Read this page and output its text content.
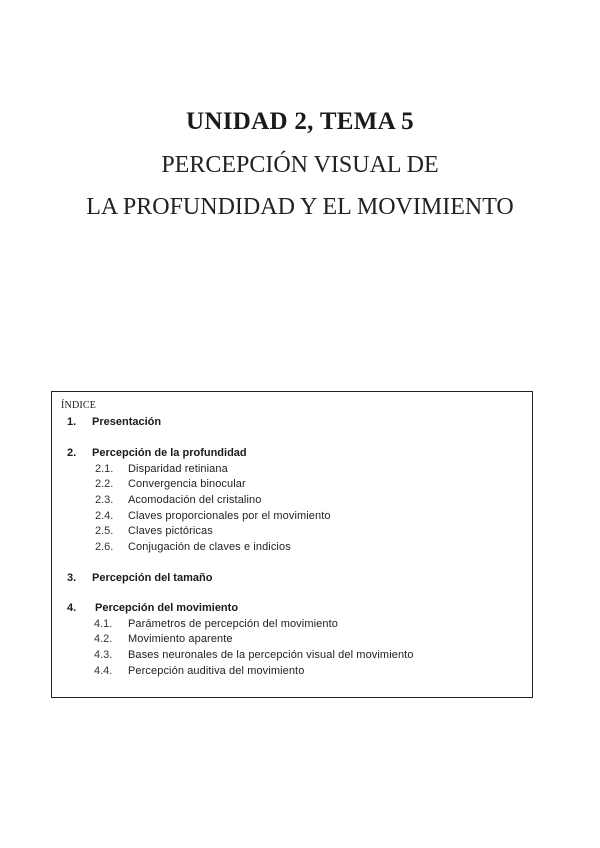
UNIDAD 2, TEMA 5
PERCEPCIÓN VISUAL DE
LA PROFUNDIDAD Y EL MOVIMIENTO
ÍNDICE
1. Presentación
2. Percepción de la profundidad
2.1. Disparidad retiniana
2.2. Convergencia binocular
2.3. Acomodación del cristalino
2.4. Claves proporcionales por el movimiento
2.5. Claves pictóricas
2.6. Conjugación de claves e indicios
3. Percepción del tamaño
4. Percepción del movimiento
4.1. Parámetros de percepción del movimiento
4.2. Movimiento aparente
4.3. Bases neuronales de la percepción visual del movimiento
4.4. Percepción auditiva del movimiento
